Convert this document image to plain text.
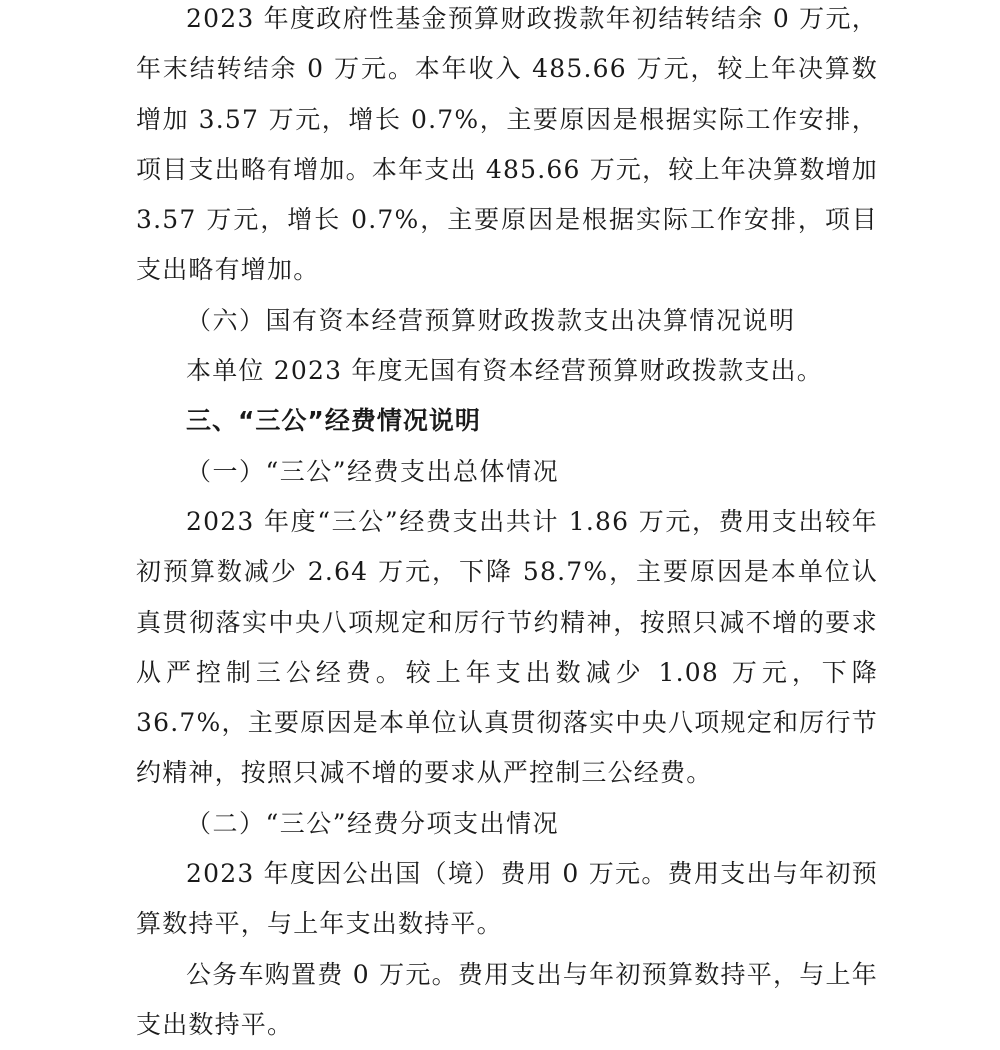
2023 年度政府性基金预算财政拨款年初结转结余 0 万元，年末结转结余 0 万元。本年收入 485.66 万元，较上年决算数增加 3.57 万元，增长 0.7%，主要原因是根据实际工作安排，项目支出略有增加。本年支出 485.66 万元，较上年决算数增加 3.57 万元，增长 0.7%，主要原因是根据实际工作安排，项目支出略有增加。

（六）国有资本经营预算财政拨款支出决算情况说明

本单位 2023 年度无国有资本经营预算财政拨款支出。

三、“三公”经费情况说明
（一）“三公”经费支出总体情况

2023 年度“三公”经费支出共计 1.86 万元，费用支出较年初预算数减少 2.64 万元，下降 58.7%，主要原因是本单位认真贯彻落实中央八项规定和厉行节约精神，按照只减不增的要求从严控制三公经费。较上年支出数减少 1.08 万元，下降 36.7%，主要原因是本单位认真贯彻落实中央八项规定和厉行节约精神，按照只减不增的要求从严控制三公经费。

（二）“三公”经费分项支出情况

2023 年度因公出国（境）费用 0 万元。费用支出与年初预算数持平，与上年支出数持平。

公务车购置费 0 万元。费用支出与年初预算数持平，与上年支出数持平。
